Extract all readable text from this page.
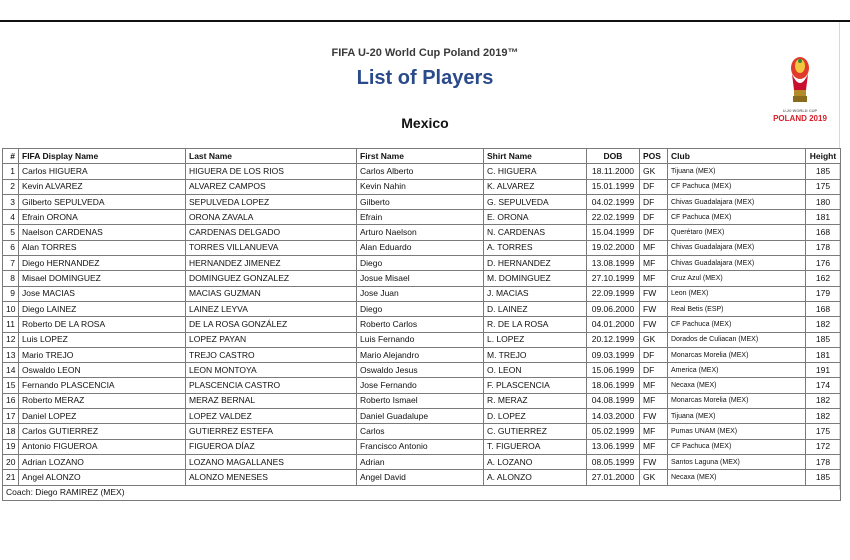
FIFA U-20 World Cup Poland 2019™
List of Players
Mexico
U-20 WORLD CUP
POLAND 2019
#	FIFA Display Name	Last Name	First Name	Shirt Name	DOB	POS	Club	Height
1	Carlos HIGUERA	HIGUERA DE LOS RIOS	Carlos Alberto	C. HIGUERA	18.11.2000	GK	Tijuana (MEX)	185
2	Kevin ALVAREZ	ALVAREZ CAMPOS	Kevin Nahin	K. ALVAREZ	15.01.1999	DF	CF Pachuca (MEX)	175
3	Gilberto SEPULVEDA	SEPULVEDA LOPEZ	Gilberto	G. SEPULVEDA	04.02.1999	DF	Chivas Guadalajara (MEX)	180
4	Efrain ORONA	ORONA ZAVALA	Efrain	E. ORONA	22.02.1999	DF	CF Pachuca (MEX)	181
5	Naelson CARDENAS	CARDENAS DELGADO	Arturo Naelson	N. CARDENAS	15.04.1999	DF	Querétaro (MEX)	168
6	Alan TORRES	TORRES VILLANUEVA	Alan Eduardo	A. TORRES	19.02.2000	MF	Chivas Guadalajara (MEX)	178
7	Diego HERNANDEZ	HERNANDEZ JIMENEZ	Diego	D. HERNANDEZ	13.08.1999	MF	Chivas Guadalajara (MEX)	176
8	Misael DOMINGUEZ	DOMINGUEZ GONZALEZ	Josue Misael	M. DOMINGUEZ	27.10.1999	MF	Cruz Azul (MEX)	162
9	Jose MACIAS	MACIAS GUZMAN	Jose Juan	J. MACIAS	22.09.1999	FW	Leon (MEX)	179
10	Diego LAINEZ	LAINEZ LEYVA	Diego	D. LAINEZ	09.06.2000	FW	Real Betis (ESP)	168
11	Roberto DE LA ROSA	DE LA ROSA GONZÁLEZ	Roberto Carlos	R. DE LA ROSA	04.01.2000	FW	CF Pachuca (MEX)	182
12	Luis LOPEZ	LOPEZ PAYAN	Luis Fernando	L. LOPEZ	20.12.1999	GK	Dorados de Culiacan (MEX)	185
13	Mario TREJO	TREJO CASTRO	Mario Alejandro	M. TREJO	09.03.1999	DF	Monarcas Morelia (MEX)	181
14	Oswaldo LEON	LEON MONTOYA	Oswaldo Jesus	O. LEON	15.06.1999	DF	America (MEX)	191
15	Fernando PLASCENCIA	PLASCENCIA CASTRO	Jose Fernando	F. PLASCENCIA	18.06.1999	MF	Necaxa (MEX)	174
16	Roberto MERAZ	MERAZ BERNAL	Roberto Ismael	R. MERAZ	04.08.1999	MF	Monarcas Morelia (MEX)	182
17	Daniel LOPEZ	LOPEZ VALDEZ	Daniel Guadalupe	D. LOPEZ	14.03.2000	FW	Tijuana (MEX)	182
18	Carlos GUTIERREZ	GUTIERREZ ESTEFA	Carlos	C. GUTIERREZ	05.02.1999	MF	Pumas UNAM (MEX)	175
19	Antonio FIGUEROA	FIGUEROA DÍAZ	Francisco Antonio	T. FIGUEROA	13.06.1999	MF	CF Pachuca (MEX)	172
20	Adrian LOZANO	LOZANO MAGALLANES	Adrian	A. LOZANO	08.05.1999	FW	Santos Laguna (MEX)	178
21	Angel ALONZO	ALONZO MENESES	Angel David	A. ALONZO	27.01.2000	GK	Necaxa (MEX)	185
Coach: Diego RAMIREZ (MEX)								
